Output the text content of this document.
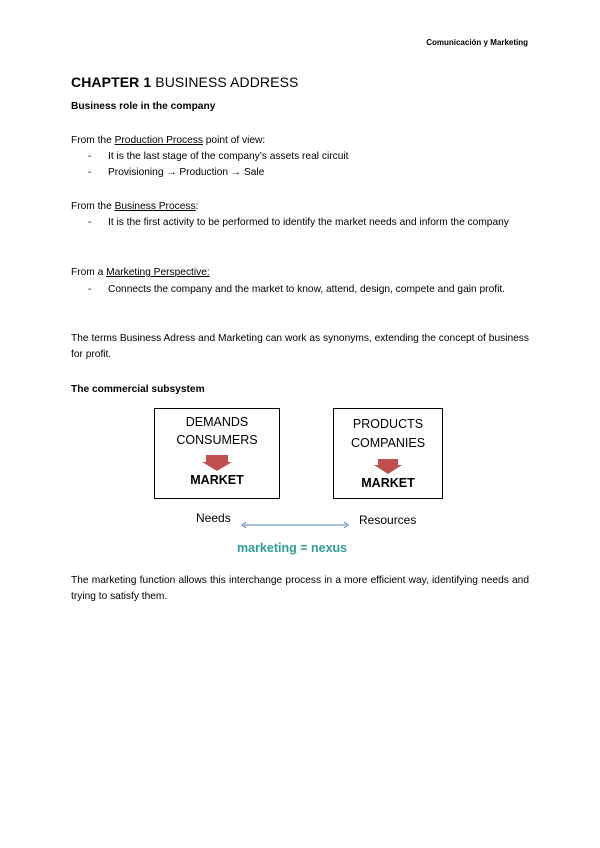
Comunicación y Marketing
CHAPTER 1 BUSINESS ADDRESS
Business role in the company
From the Production Process point of view:
- It is the last stage of the company’s assets real circuit
- Provisioning → Production → Sale
From the Business Process:
- It is the first activity to be performed to identify the market needs and inform the company
From a Marketing Perspective:
- Connects the company and the market to know, attend, design, compete and gain profit.
The terms Business Adress and Marketing can work as synonyms, extending the concept of business for profit.
The commercial subsystem
DEMANDS
CONSUMERS
MARKET
PRODUCTS
COMPANIES
MARKET
Needs	Resources
marketing = nexus
The marketing function allows this interchange process in a more efficient way, identifying needs and trying to satisfy them.
